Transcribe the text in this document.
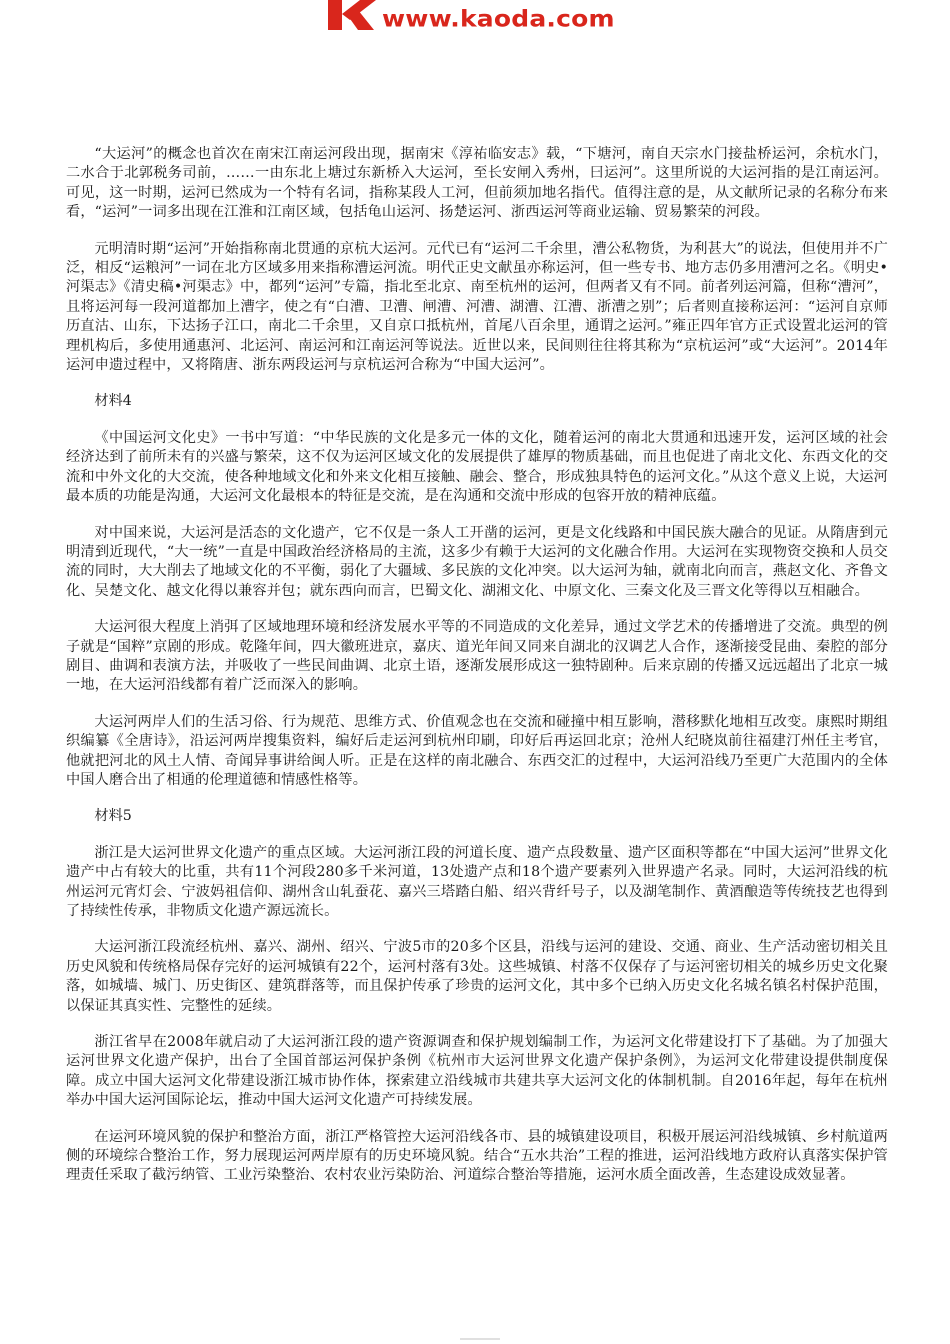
www.kaoda.com

“大运河”的概念也首次在南宋江南运河段出现，据南宋《淳祐临安志》载，“下塘河，南自天宗水门接盐桥运河，余杭水门，二水合于北郭税务司前，……一由东北上塘过东新桥入大运河，至长安闸入秀州，曰运河”。这里所说的大运河指的是江南运河。可见，这一时期，运河已然成为一个特有名词，指称某段人工河，但前须加地名指代。值得注意的是，从文献所记录的名称分布来看，“运河”一词多出现在江淮和江南区域，包括龟山运河、扬楚运河、浙西运河等商业运输、贸易繁荣的河段。

元明清时期“运河”开始指称南北贯通的京杭大运河。元代已有“运河二千余里，漕公私物货，为利甚大”的说法，但使用并不广泛，相反“运粮河”一词在北方区域多用来指称漕运河流。明代正史文献虽亦称运河，但一些专书、地方志仍多用漕河之名。《明史•河渠志》《清史稿•河渠志》中，都列“运河”专篇，指北至北京、南至杭州的运河，但两者又有不同。前者列运河篇，但称“漕河”，且将运河每一段河道都加上漕字，使之有“白漕、卫漕、闸漕、河漕、湖漕、江漕、浙漕之别”；后者则直接称运河：“运河自京师历直沽、山东，下达扬子江口，南北二千余里，又自京口抵杭州，首尾八百余里，通谓之运河。”雍正四年官方正式设置北运河的管理机构后，多使用通惠河、北运河、南运河和江南运河等说法。近世以来，民间则往往将其称为“京杭运河”或“大运河”。2014年运河申遗过程中，又将隋唐、浙东两段运河与京杭运河合称为“中国大运河”。

材料4

《中国运河文化史》一书中写道：“中华民族的文化是多元一体的文化，随着运河的南北大贯通和迅速开发，运河区域的社会经济达到了前所未有的兴盛与繁荣，这不仅为运河区域文化的发展提供了雄厚的物质基础，而且也促进了南北文化、东西文化的交流和中外文化的大交流，使各种地域文化和外来文化相互接触、融会、整合，形成独具特色的运河文化。”从这个意义上说，大运河最本质的功能是沟通，大运河文化最根本的特征是交流，是在沟通和交流中形成的包容开放的精神底蕴。

对中国来说，大运河是活态的文化遗产，它不仅是一条人工开凿的运河，更是文化线路和中国民族大融合的见证。从隋唐到元明清到近现代，“大一统”一直是中国政治经济格局的主流，这多少有赖于大运河的文化融合作用。大运河在实现物资交换和人员交流的同时，大大削去了地域文化的不平衡，弱化了大疆域、多民族的文化冲突。以大运河为轴，就南北向而言，燕赵文化、齐鲁文化、吴楚文化、越文化得以兼容并包；就东西向而言，巴蜀文化、湖湘文化、中原文化、三秦文化及三晋文化等得以互相融合。

大运河很大程度上消弭了区域地理环境和经济发展水平等的不同造成的文化差异，通过文学艺术的传播增进了交流。典型的例子就是“国粹”京剧的形成。乾隆年间，四大徽班进京，嘉庆、道光年间又同来自湖北的汉调艺人合作，逐渐接受昆曲、秦腔的部分剧目、曲调和表演方法，并吸收了一些民间曲调、北京土语，逐渐发展形成这一独特剧种。后来京剧的传播又远远超出了北京一城一地，在大运河沿线都有着广泛而深入的影响。

大运河两岸人们的生活习俗、行为规范、思维方式、价值观念也在交流和碰撞中相互影响，潜移默化地相互改变。康熙时期组织编纂《全唐诗》，沿运河两岸搜集资料，编好后走运河到杭州印刷，印好后再运回北京；沧州人纪晓岚前往福建汀州任主考官，他就把河北的风土人情、奇闻异事讲给闽人听。正是在这样的南北融合、东西交汇的过程中，大运河沿线乃至更广大范围内的全体中国人磨合出了相通的伦理道德和情感性格等。

材料5

浙江是大运河世界文化遗产的重点区域。大运河浙江段的河道长度、遗产点段数量、遗产区面积等都在“中国大运河”世界文化遗产中占有较大的比重，共有11个河段280多千米河道，13处遗产点和18个遗产要素列入世界遗产名录。同时，大运河沿线的杭州运河元宵灯会、宁波妈祖信仰、湖州含山轧蚕花、嘉兴三塔踏白船、绍兴背纤号子，以及湖笔制作、黄酒酿造等传统技艺也得到了持续性传承，非物质文化遗产源远流长。

大运河浙江段流经杭州、嘉兴、湖州、绍兴、宁波5市的20多个区县，沿线与运河的建设、交通、商业、生产活动密切相关且历史风貌和传统格局保存完好的运河城镇有22个，运河村落有3处。这些城镇、村落不仅保存了与运河密切相关的城乡历史文化聚落，如城墙、城门、历史街区、建筑群落等，而且保护传承了珍贵的运河文化，其中多个已纳入历史文化名城名镇名村保护范围，以保证其真实性、完整性的延续。

浙江省早在2008年就启动了大运河浙江段的遗产资源调查和保护规划编制工作，为运河文化带建设打下了基础。为了加强大运河世界文化遗产保护，出台了全国首部运河保护条例《杭州市大运河世界文化遗产保护条例》，为运河文化带建设提供制度保障。成立中国大运河文化带建设浙江城市协作体，探索建立沿线城市共建共享大运河文化的体制机制。自2016年起，每年在杭州举办中国大运河国际论坛，推动中国大运河文化遗产可持续发展。

在运河环境风貌的保护和整治方面，浙江严格管控大运河沿线各市、县的城镇建设项目，积极开展运河沿线城镇、乡村航道两侧的环境综合整治工作，努力展现运河两岸原有的历史环境风貌。结合“五水共治”工程的推进，运河沿线地方政府认真落实保护管理责任采取了截污纳管、工业污染整治、农村农业污染防治、河道综合整治等措施，运河水质全面改善，生态建设成效显著。
